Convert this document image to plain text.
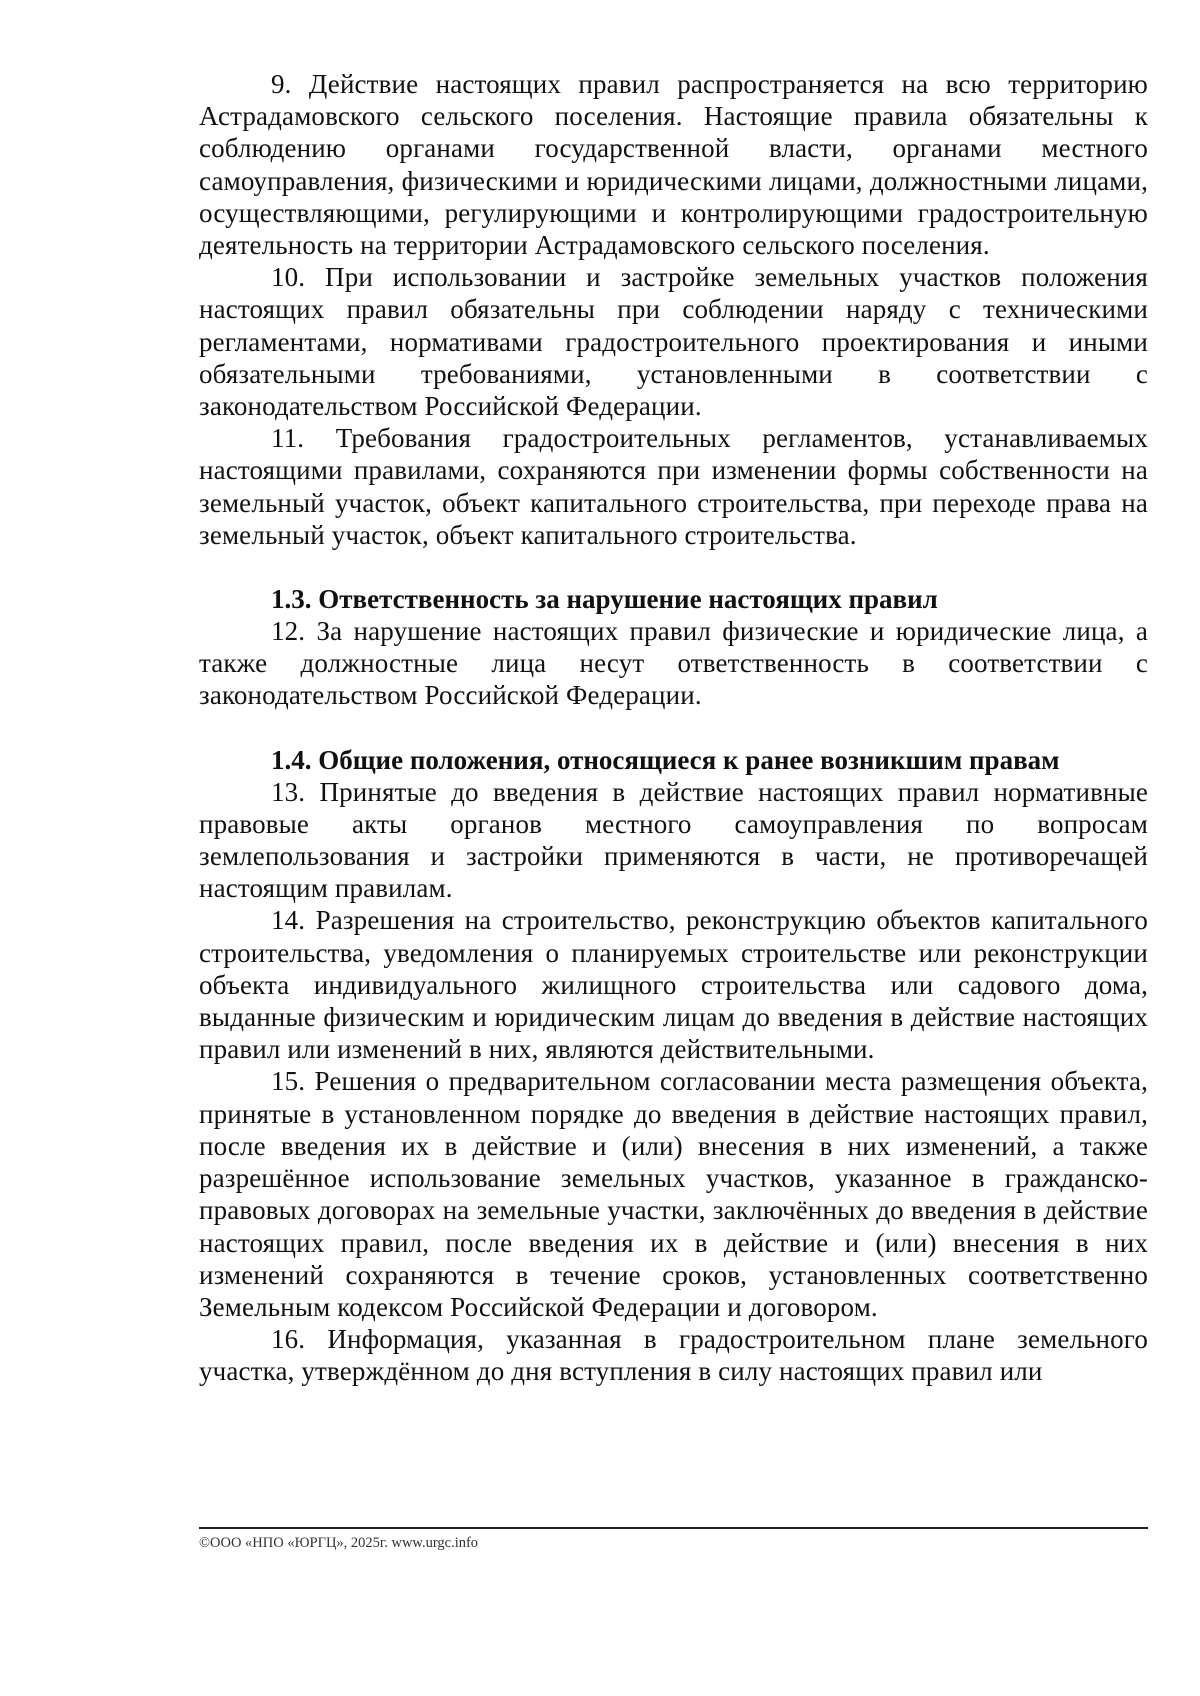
9. Действие настоящих правил распространяется на всю территорию Астрадамовского сельского поселения. Настоящие правила обязательны к соблюдению органами государственной власти, органами местного самоуправления, физическими и юридическими лицами, должностными лицами, осуществляющими, регулирующими и контролирующими градостроительную деятельность на территории Астрадамовского сельского поселения.

10. При использовании и застройке земельных участков положения настоящих правил обязательны при соблюдении наряду с техническими регламентами, нормативами градостроительного проектирования и иными обязательными требованиями, установленными в соответствии с законодательством Российской Федерации.

11. Требования градостроительных регламентов, устанавливаемых настоящими правилами, сохраняются при изменении формы собственности на земельный участок, объект капитального строительства, при переходе права на земельный участок, объект капитального строительства.

1.3. Ответственность за нарушение настоящих правил

12. За нарушение настоящих правил физические и юридические лица, а также должностные лица несут ответственность в соответствии с законодательством Российской Федерации.

1.4. Общие положения, относящиеся к ранее возникшим правам

13. Принятые до введения в действие настоящих правил нормативные правовые акты органов местного самоуправления по вопросам землепользования и застройки применяются в части, не противоречащей настоящим правилам.

14. Разрешения на строительство, реконструкцию объектов капитального строительства, уведомления о планируемых строительстве или реконструкции объекта индивидуального жилищного строительства или садового дома, выданные физическим и юридическим лицам до введения в действие настоящих правил или изменений в них, являются действительными.

15. Решения о предварительном согласовании места размещения объекта, принятые в установленном порядке до введения в действие настоящих правил, после введения их в действие и (или) внесения в них изменений, а также разрешённое использование земельных участков, указанное в гражданско-правовых договорах на земельные участки, заключённых до введения в действие настоящих правил, после введения их в действие и (или) внесения в них изменений сохраняются в течение сроков, установленных соответственно Земельным кодексом Российской Федерации и договором.

16. Информация, указанная в градостроительном плане земельного участка, утверждённом до дня вступления в силу настоящих правил или

©ООО «НПО «ЮРГЦ», 2025г. www.urgc.info
